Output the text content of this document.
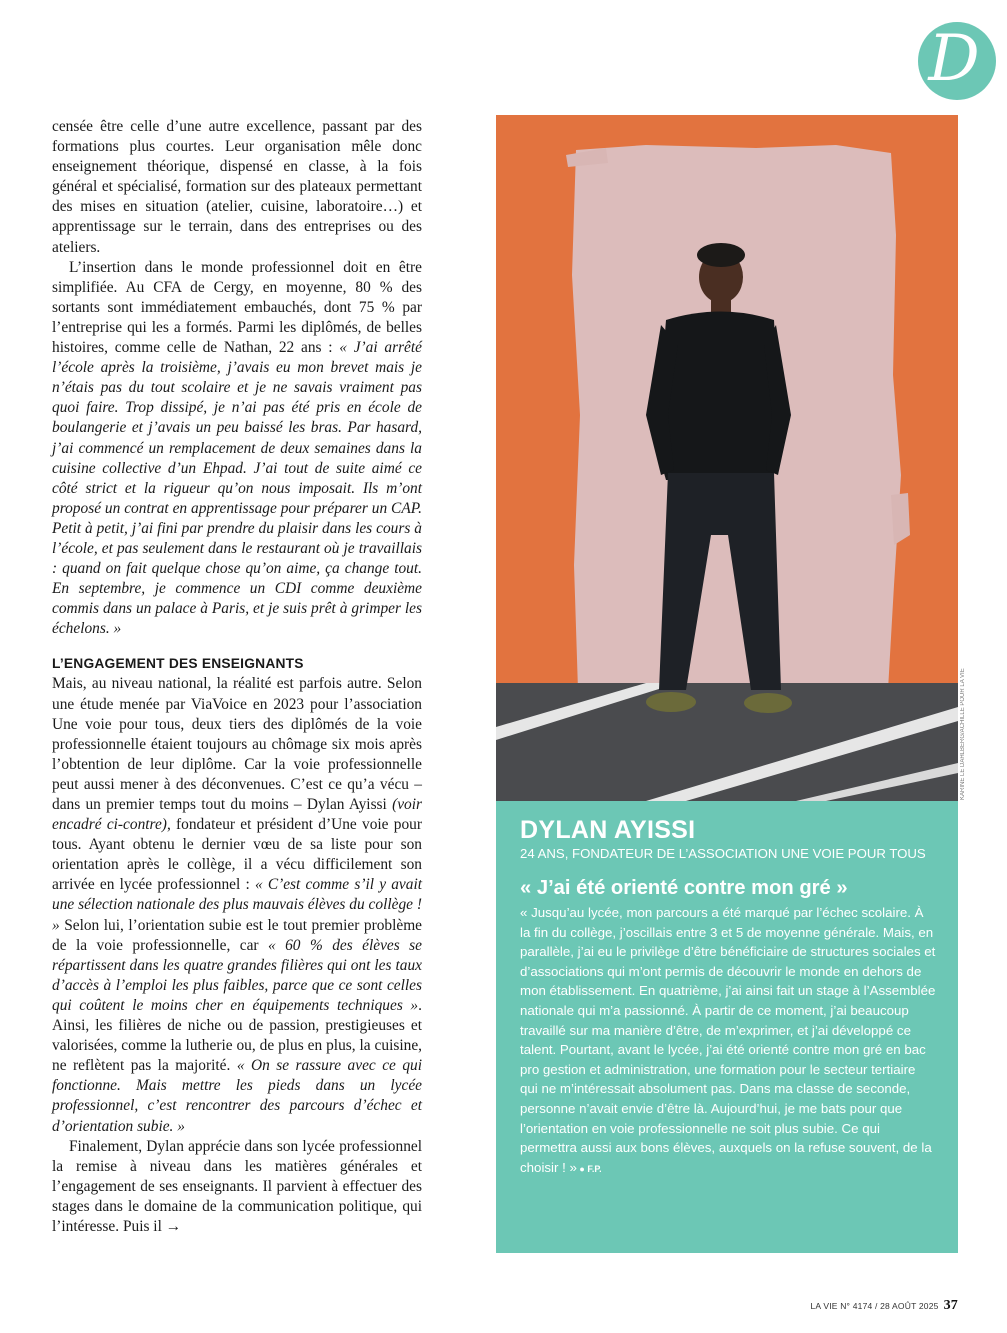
D

censée être celle d’une autre excellence, passant par des formations plus courtes. Leur organisation mêle donc enseignement théorique, dispensé en classe, à la fois général et spécialisé, formation sur des plateaux permettant des mises en situation (atelier, cuisine, laboratoire…) et apprentissage sur le terrain, dans des entreprises ou des ateliers.

L’insertion dans le monde professionnel doit en être simplifiée. Au CFA de Cergy, en moyenne, 80 % des sortants sont immédiatement embauchés, dont 75 % par l’entreprise qui les a formés. Parmi les diplômés, de belles histoires, comme celle de Nathan, 22 ans : « J’ai arrêté l’école après la troisième, j’avais eu mon brevet mais je n’étais pas du tout scolaire et je ne savais vraiment pas quoi faire. Trop dissipé, je n’ai pas été pris en école de boulangerie et j’avais un peu baissé les bras. Par hasard, j’ai commencé un remplacement de deux semaines dans la cuisine collective d’un Ehpad. J’ai tout de suite aimé ce côté strict et la rigueur qu’on nous imposait. Ils m’ont proposé un contrat en apprentissage pour préparer un CAP. Petit à petit, j’ai fini par prendre du plaisir dans les cours à l’école, et pas seulement dans le restaurant où je travaillais : quand on fait quelque chose qu’on aime, ça change tout. En septembre, je commence un CDI comme deuxième commis dans un palace à Paris, et je suis prêt à grimper les échelons. »

L’ENGAGEMENT DES ENSEIGNANTS

Mais, au niveau national, la réalité est parfois autre. Selon une étude menée par ViaVoice en 2023 pour l’association Une voie pour tous, deux tiers des diplômés de la voie professionnelle étaient toujours au chômage six mois après l’obtention de leur diplôme. Car la voie professionnelle peut aussi mener à des déconvenues. C’est ce qu’a vécu – dans un premier temps tout du moins – Dylan Ayissi (voir encadré ci-contre), fondateur et président d’Une voie pour tous. Ayant obtenu le dernier vœu de sa liste pour son orientation après le collège, il a vécu difficilement son arrivée en lycée professionnel : « C’est comme s’il y avait une sélection nationale des plus mauvais élèves du collège ! » Selon lui, l’orientation subie est le tout premier problème de la voie professionnelle, car « 60 % des élèves se répartissent dans les quatre grandes filières qui ont les taux d’accès à l’emploi les plus faibles, parce que ce sont celles qui coûtent le moins cher en équipements techniques ». Ainsi, les filières de niche ou de passion, prestigieuses et valorisées, comme la lutherie ou, de plus en plus, la cuisine, ne reflètent pas la majorité. « On se rassure avec ce qui fonctionne. Mais mettre les pieds dans un lycée professionnel, c’est rencontrer des parcours d’échec et d’orientation subie. »

Finalement, Dylan apprécie dans son lycée professionnel la remise à niveau dans les matières générales et l’engagement de ses enseignants. Il parvient à effectuer des stages dans le domaine de la communication politique, qui l’intéresse. Puis il →

KARINE LE DAHLBERG/ACHILLE POUR LA VIE

DYLAN AYISSI

24 ANS, FONDATEUR DE L’ASSOCIATION UNE VOIE POUR TOUS

« J’ai été orienté contre mon gré »

« Jusqu’au lycée, mon parcours a été marqué par l’échec scolaire. À la fin du collège, j’oscillais entre 3 et 5 de moyenne générale. Mais, en parallèle, j’ai eu le privilège d’être bénéficiaire de structures sociales et d’associations qui m’ont permis de découvrir le monde en dehors de mon établissement. En quatrième, j’ai ainsi fait un stage à l’Assemblée nationale qui m’a passionné. À partir de ce moment, j’ai beaucoup travaillé sur ma manière d’être, de m’exprimer, et j’ai développé ce talent. Pourtant, avant le lycée, j’ai été orienté contre mon gré en bac pro gestion et administration, une formation pour le secteur tertiaire qui ne m’intéressait absolument pas. Dans ma classe de seconde, personne n’avait envie d’être là. Aujourd’hui, je me bats pour que l’orientation en voie professionnelle ne soit plus subie. Ce qui permettra aussi aux bons élèves, auxquels on la refuse souvent, de la choisir ! » ● F.P.

LA VIE N° 4174 / 28 AOÛT 2025 37
